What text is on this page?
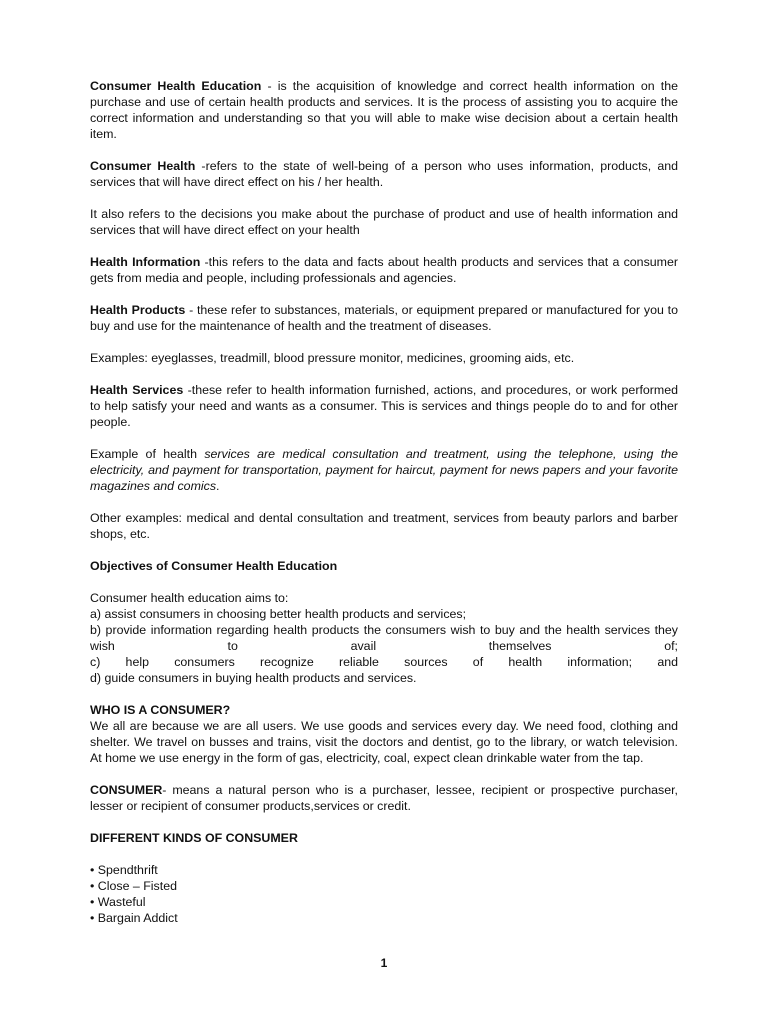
Consumer Health Education - is the acquisition of knowledge and correct health information on the purchase and use of certain health products and services. It is the process of assisting you to acquire the correct information and understanding so that you will able to make wise decision about a certain health item.

Consumer Health -refers to the state of well-being of a person who uses information, products, and services that will have direct effect on his / her health.

It also refers to the decisions you make about the purchase of product and use of health information and services that will have direct effect on your health

Health Information -this refers to the data and facts about health products and services that a consumer gets from media and people, including professionals and agencies.

Health Products - these refer to substances, materials, or equipment prepared or manufactured for you to buy and use for the maintenance of health and the treatment of diseases.

Examples: eyeglasses, treadmill, blood pressure monitor, medicines, grooming aids, etc.

Health Services -these refer to health information furnished, actions, and procedures, or work performed to help satisfy your need and wants as a consumer. This is services and things people do to and for other people.

Example of health services are medical consultation and treatment, using the telephone, using the electricity, and payment for transportation, payment for haircut, payment for news papers and your favorite magazines and comics.

Other examples: medical and dental consultation and treatment, services from beauty parlors and barber shops, etc.

Objectives of Consumer Health Education

Consumer health education aims to:

a) assist consumers in choosing better health products and services;

b) provide information regarding health products the consumers wish to buy and the health services they wish to avail themselves of;

c) help consumers recognize reliable sources of health information; and

d) guide consumers in buying health products and services.

WHO IS A CONSUMER?

We all are because we are all users. We use goods and services every day. We need food, clothing and shelter. We travel on busses and trains, visit the doctors and dentist, go to the library, or watch television. At home we use energy in the form of gas, electricity, coal, expect clean drinkable water from the tap.

CONSUMER- means a natural person who is a purchaser, lessee, recipient or prospective purchaser, lesser or recipient of consumer products,services or credit.

DIFFERENT KINDS OF CONSUMER

• Spendthrift
• Close – Fisted
• Wasteful
• Bargain Addict
1
